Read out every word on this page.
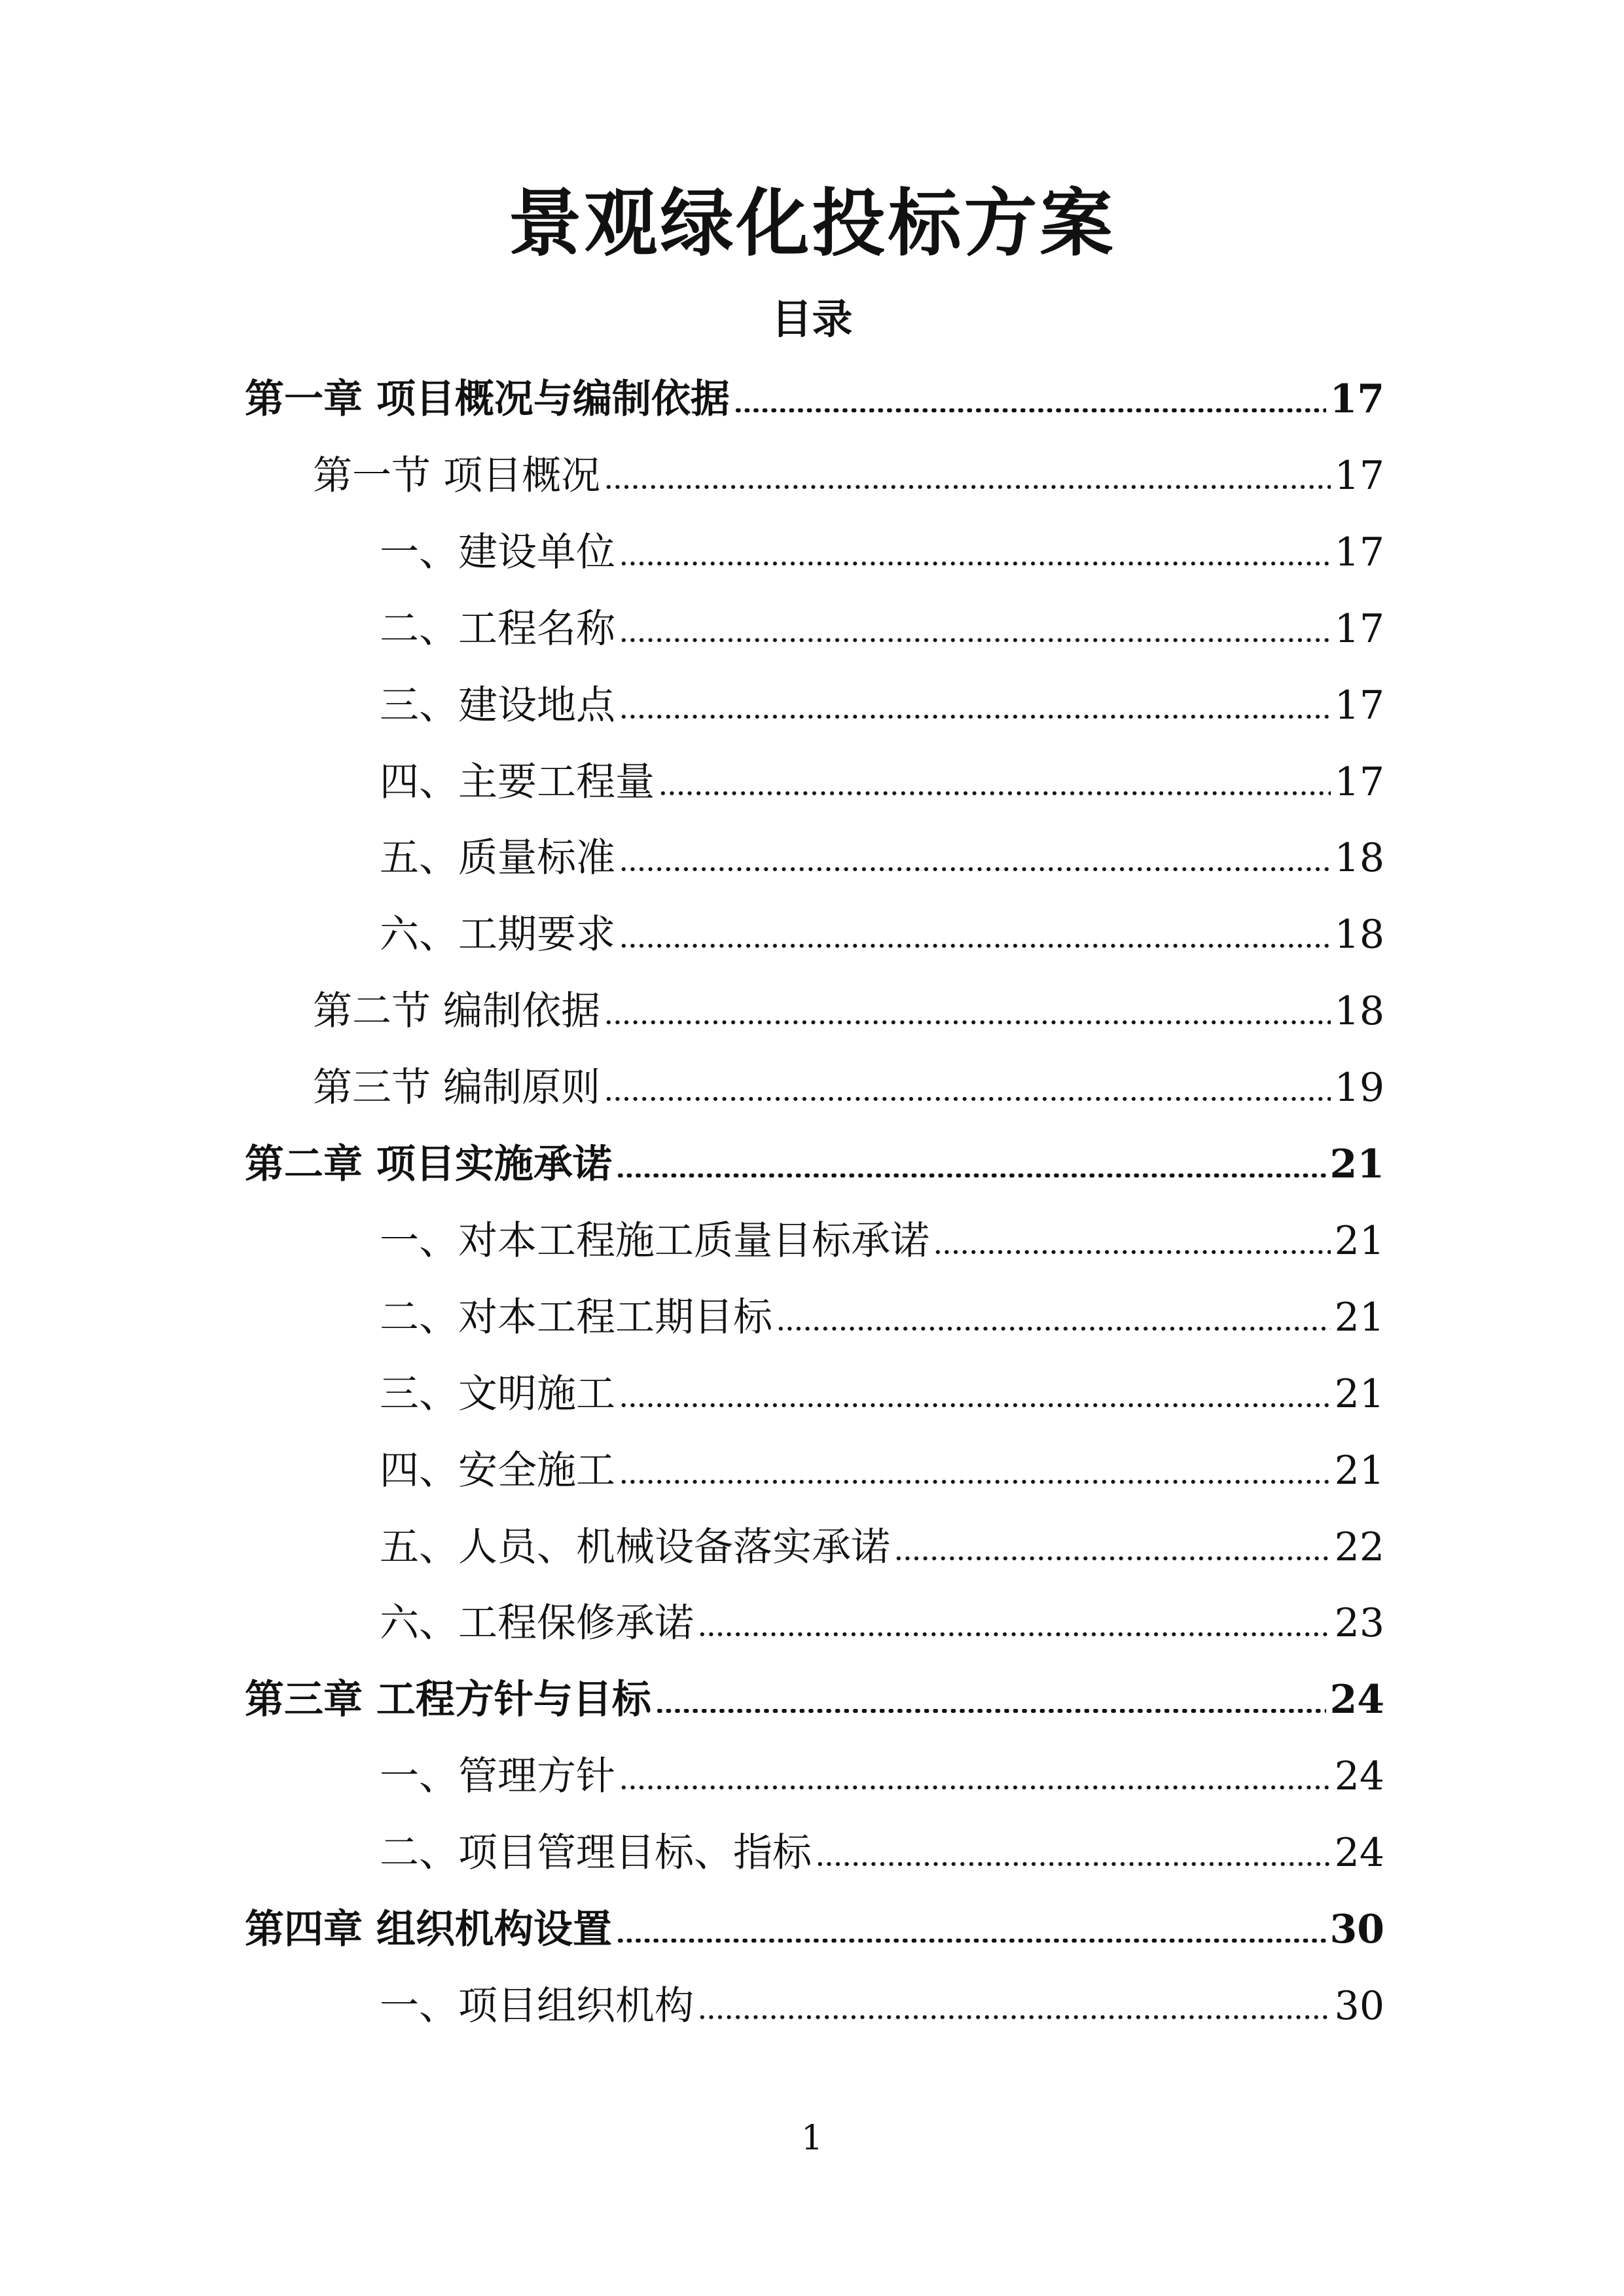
景观绿化投标方案
目录
第一章 项目概况与编制依据	17
第一节 项目概况	17
一、建设单位	17
二、工程名称	17
三、建设地点	17
四、主要工程量	17
五、质量标准	18
六、工期要求	18
第二节 编制依据	18
第三节 编制原则	19
第二章 项目实施承诺	21
一、对本工程施工质量目标承诺	21
二、对本工程工期目标	21
三、文明施工	21
四、安全施工	21
五、人员、机械设备落实承诺	22
六、工程保修承诺	23
第三章 工程方针与目标	24
一、管理方针	24
二、项目管理目标、指标	24
第四章 组织机构设置	30
一、项目组织机构	30
1
